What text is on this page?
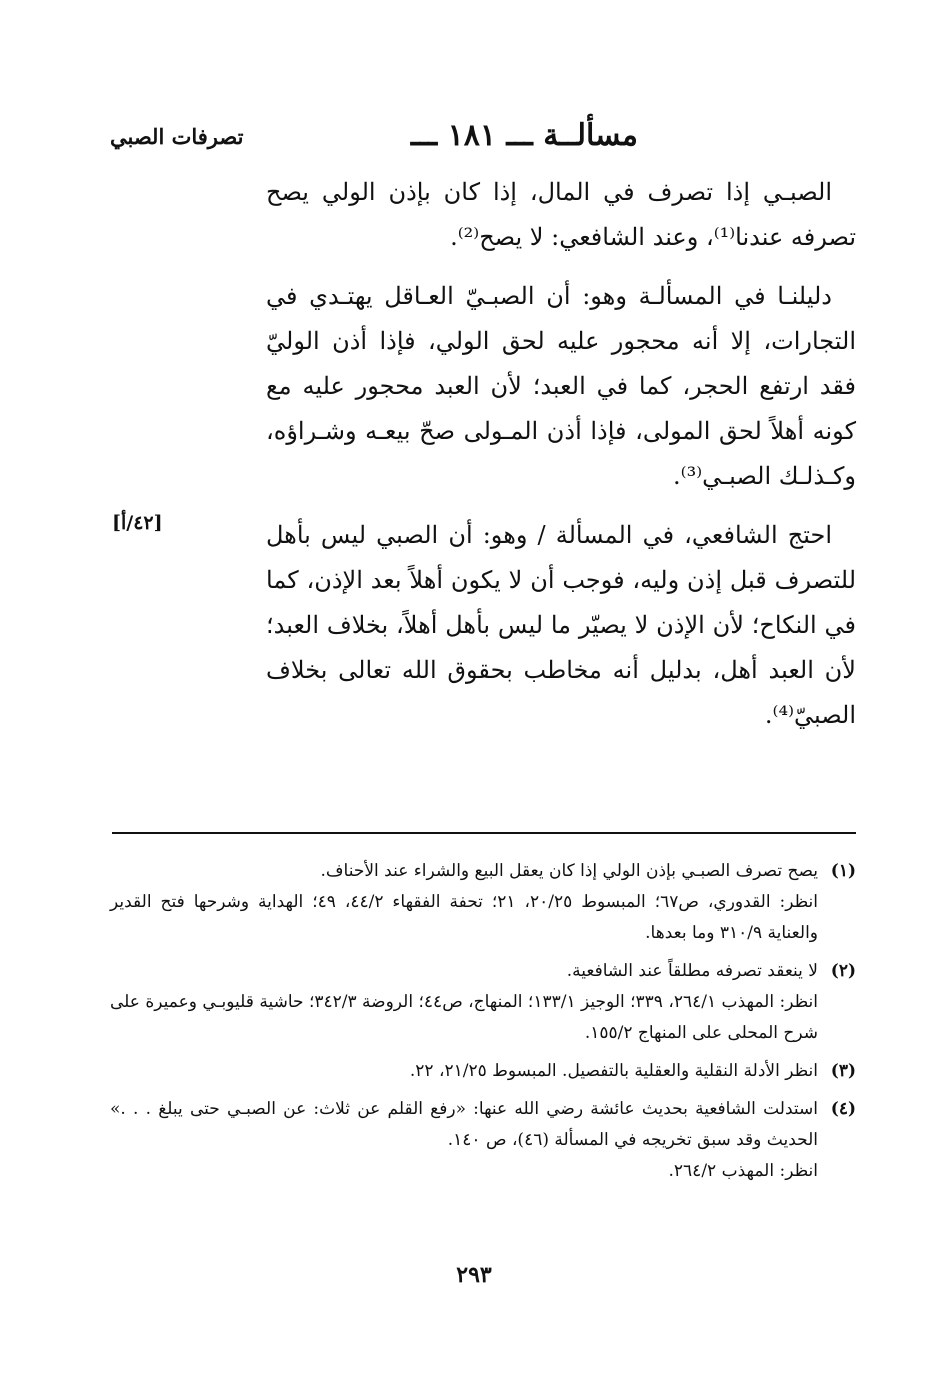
مسألــة ـــ ١٨١ ـــ
تصرفات الصبي

الصبـي إذا تصرف في المال، إذا كان بإذن الولي يصح تصرفه عندنا⁽¹⁾، وعند الشافعي: لا يصح⁽²⁾.

دليلنـا في المسألـة وهو: أن الصبـيّ العـاقل يهتـدي في التجارات، إلا أنه محجور عليه لحق الولي، فإذا أذن الوليّ فقد ارتفع الحجر، كما في العبد؛ لأن العبد محجور عليه مع كونه أهلاً لحق المولى، فإذا أذن المـولى صحّ بيعـه وشـراؤه، وكـذلـك الصبـي⁽³⁾.

احتج الشافعي، في المسألة / وهو: أن الصبي ليس بأهل للتصرف قبل إذن وليه، فوجب أن لا يكون أهلاً بعد الإذن، كما في النكاح؛ لأن الإذن لا يصيّر ما ليس بأهل أهلاً، بخلاف العبد؛ لأن العبد أهل، بدليل أنه مخاطب بحقوق الله تعالى بخلاف الصبيّ⁽⁴⁾.

[٤٢/أ]
(١)

يصح تصرف الصبـي بإذن الولي إذا كان يعقل البيع والشراء عند الأحناف.

انظر: القدوري، ص٦٧؛ المبسوط ٢٠/٢٥، ٢١؛ تحفة الفقهاء ٤٤/٢، ٤٩؛ الهداية وشرحها فتح القدير والعناية ٣١٠/٩ وما بعدها.

(٢)

لا ينعقد تصرفه مطلقاً عند الشافعية.

انظر: المهذب ٢٦٤/١، ٣٣٩؛ الوجيز ١٣٣/١؛ المنهاج، ص٤٤؛ الروضة ٣٤٢/٣؛ حاشية قليوبـي وعميرة على شرح المحلى على المنهاج ١٥٥/٢.

(٣)

انظر الأدلة النقلية والعقلية بالتفصيل. المبسوط ٢١/٢٥، ٢٢.

(٤)

استدلت الشافعية بحديث عائشة رضي الله عنها: «رفع القلم عن ثلاث: عن الصبـي حتى يبلغ . . .» الحديث وقد سبق تخريجه في المسألة (٤٦)، ص ١٤٠.

انظر: المهذب ٢٦٤/٢.

٢٩٣
